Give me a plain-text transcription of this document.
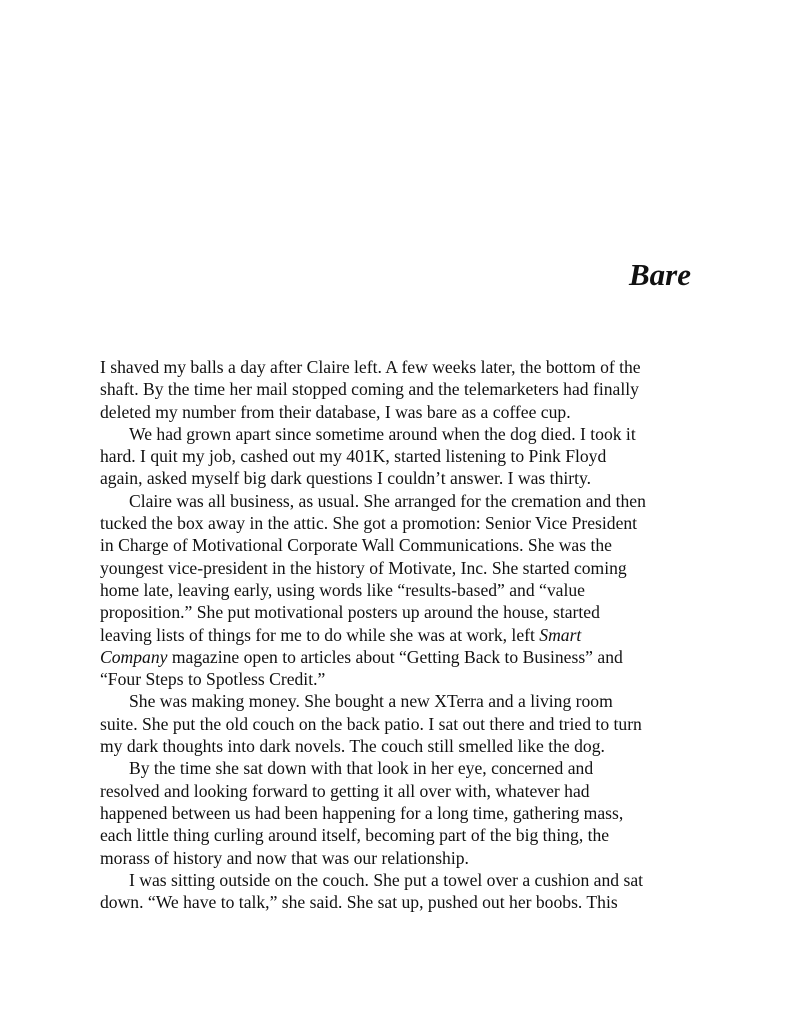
Bare

I shaved my balls a day after Claire left. A few weeks later, the bottom of the
shaft. By the time her mail stopped coming and the telemarketers had finally
deleted my number from their database, I was bare as a coffee cup.

We had grown apart since sometime around when the dog died. I took it
hard. I quit my job, cashed out my 401K, started listening to Pink Floyd
again, asked myself big dark questions I couldn’t answer. I was thirty.

Claire was all business, as usual. She arranged for the cremation and then
tucked the box away in the attic. She got a promotion: Senior Vice President
in Charge of Motivational Corporate Wall Communications. She was the
youngest vice-president in the history of Motivate, Inc. She started coming
home late, leaving early, using words like “results-based” and “value
proposition.” She put motivational posters up around the house, started
leaving lists of things for me to do while she was at work, left Smart
Company magazine open to articles about “Getting Back to Business” and
“Four Steps to Spotless Credit.”

She was making money. She bought a new XTerra and a living room
suite. She put the old couch on the back patio. I sat out there and tried to turn
my dark thoughts into dark novels. The couch still smelled like the dog.

By the time she sat down with that look in her eye, concerned and
resolved and looking forward to getting it all over with, whatever had
happened between us had been happening for a long time, gathering mass,
each little thing curling around itself, becoming part of the big thing, the
morass of history and now that was our relationship.

I was sitting outside on the couch. She put a towel over a cushion and sat
down. “We have to talk,” she said. She sat up, pushed out her boobs. This
